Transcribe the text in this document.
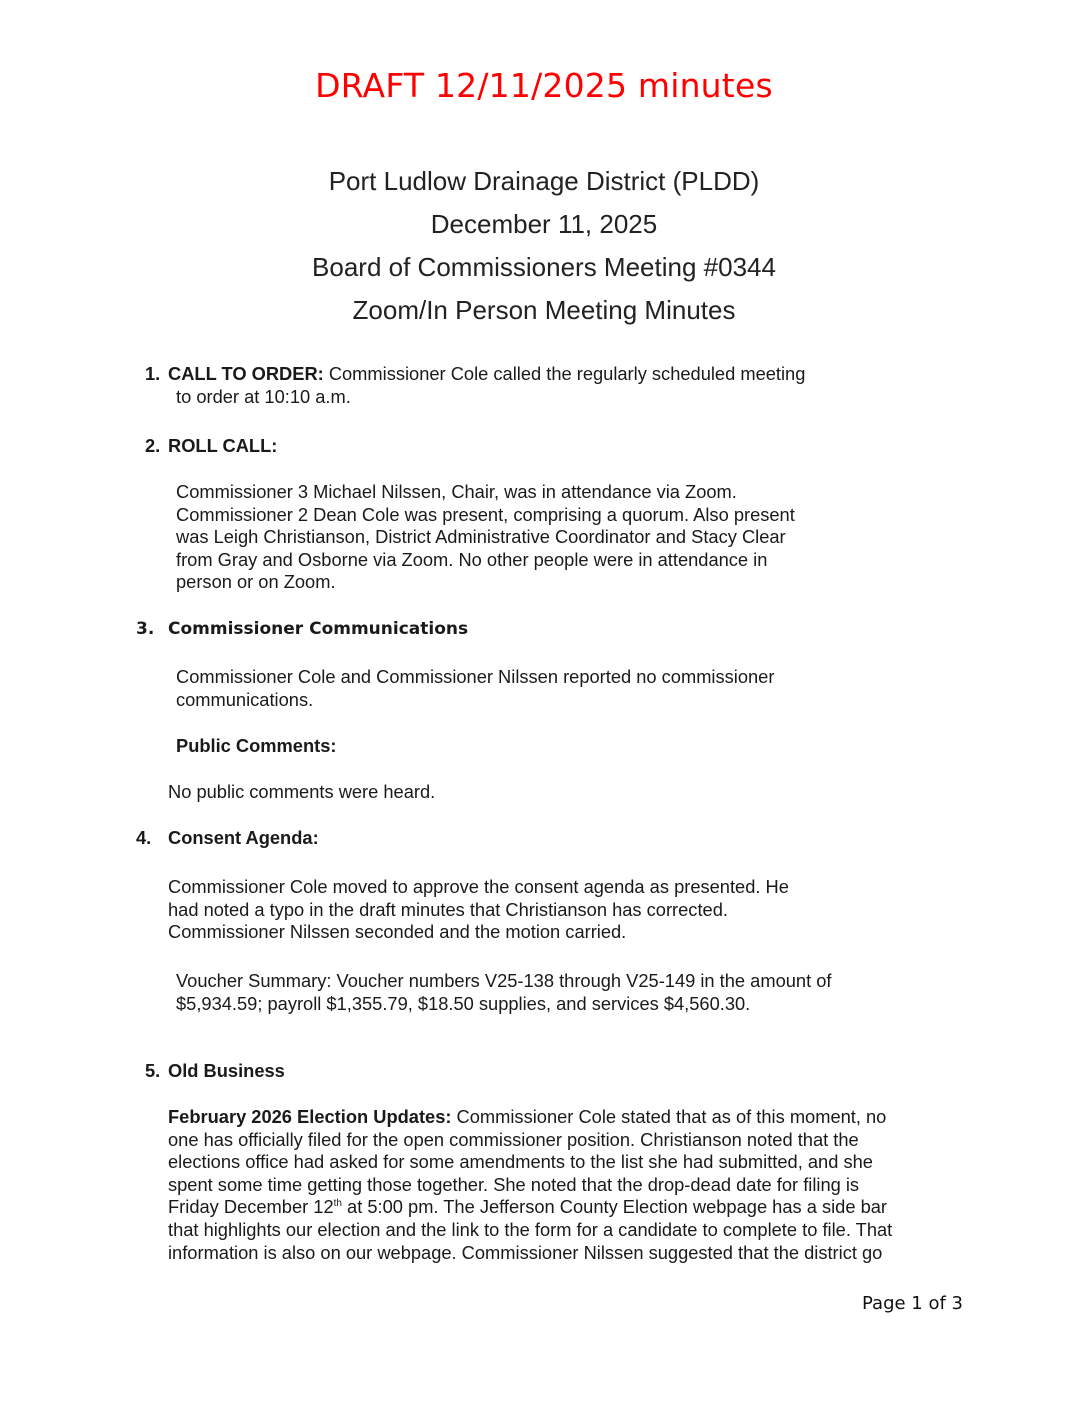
DRAFT 12/11/2025 minutes
Port Ludlow Drainage District (PLDD)
December 11, 2025
Board of Commissioners Meeting #0344
Zoom/In Person Meeting Minutes
1. CALL TO ORDER: Commissioner Cole called the regularly scheduled meeting
to order at 10:10 a.m.
2. ROLL CALL:
Commissioner 3 Michael Nilssen, Chair, was in attendance via Zoom.
Commissioner 2 Dean Cole was present, comprising a quorum. Also present
was Leigh Christianson, District Administrative Coordinator and Stacy Clear
from Gray and Osborne via Zoom. No other people were in attendance in
person or on Zoom.
3. Commissioner Communications
Commissioner Cole and Commissioner Nilssen reported no commissioner
communications.
Public Comments:
No public comments were heard.
4. Consent Agenda:
Commissioner Cole moved to approve the consent agenda as presented. He
had noted a typo in the draft minutes that Christianson has corrected.
Commissioner Nilssen seconded and the motion carried.
Voucher Summary: Voucher numbers V25-138 through V25-149 in the amount of
$5,934.59; payroll $1,355.79, $18.50 supplies, and services $4,560.30.
5. Old Business
February 2026 Election Updates: Commissioner Cole stated that as of this moment, no
one has officially filed for the open commissioner position. Christianson noted that the
elections office had asked for some amendments to the list she had submitted, and she
spent some time getting those together. She noted that the drop-dead date for filing is
Friday December 12th at 5:00 pm. The Jefferson County Election webpage has a side bar
that highlights our election and the link to the form for a candidate to complete to file. That
information is also on our webpage. Commissioner Nilssen suggested that the district go
Page 1 of 3
